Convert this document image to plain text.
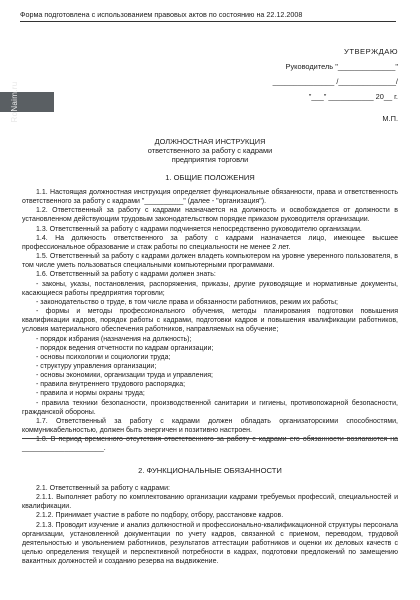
Форма подготовлена с использованием правовых актов по состоянию на 22.12.2008
RoNaim.ru
УТВЕРЖДАЮ
Руководитель "______________"
_______________ /______________/
"___" ___________ 20__ г.
М.П.
ДОЛЖНОСТНАЯ ИНСТРУКЦИЯ
ответственного за работу с кадрами
предприятия торговли
1. ОБЩИЕ ПОЛОЖЕНИЯ

1.1. Настоящая должностная инструкция определяет функциональные обязанности, права и ответственность ответственного за работу с кадрами "__________" (далее - "организация").

1.2. Ответственный за работу с кадрами назначается на должность и освобождается от должности в установленном действующим трудовым законодательством порядке приказом руководителя организации.

1.3. Ответственный за работу с кадрами подчиняется непосредственно руководителю организации.

1.4. На должность ответственного за работу с кадрами назначается лицо, имеющее высшее профессиональное образование и стаж работы по специальности не менее 2 лет.

1.5. Ответственный за работу с кадрами должен владеть компьютером на уровне уверенного пользователя, в том числе уметь пользоваться специальными компьютерными программами.

1.6. Ответственный за работу с кадрами должен знать:

- законы, указы, постановления, распоряжения, приказы, другие руководящие и нормативные документы, касающиеся работы предприятия торговли;

- законодательство о труде, в том числе права и обязанности работников, режим их работы;

- формы и методы профессионального обучения, методы планирования подготовки повышения квалификации кадров, порядок работы с кадрами, подготовки кадров и повышения квалификации работников, условия материального обеспечения работников, направляемых на обучение;

- порядок избрания (назначения на должность);

- порядок ведения отчетности по кадрам организации;

- основы психологии и социологии труда;

- структуру управления организации;

- основы экономики, организации труда и управления;

- правила внутреннего трудового распорядка;

- правила и нормы охраны труда;

- правила техники безопасности, производственной санитарии и гигиены, противопожарной безопасности, гражданской обороны.

1.7. Ответственный за работу с кадрами должен обладать организаторскими способностями, коммуникабельностью, должен быть энергичен и позитивно настроен.

1.8. В период временного отсутствия ответственного за работу с кадрами его обязанности возлагаются на _____________________.

2. ФУНКЦИОНАЛЬНЫЕ ОБЯЗАННОСТИ

2.1. Ответственный за работу с кадрами:

2.1.1. Выполняет работу по комплектованию организации кадрами требуемых профессий, специальностей и квалификации.

2.1.2. Принимает участие в работе по подбору, отбору, расстановке кадров.

2.1.3. Проводит изучение и анализ должностной и профессионально-квалификационной структуры персонала организации, установленной документации по учету кадров, связанной с приемом, переводом, трудовой деятельностью и увольнением работников, результатов аттестации работников и оценки их деловых качеств с целью определения текущей и перспективной потребности в кадрах, подготовки предложений по замещению вакантных должностей и созданию резерва на выдвижение.
